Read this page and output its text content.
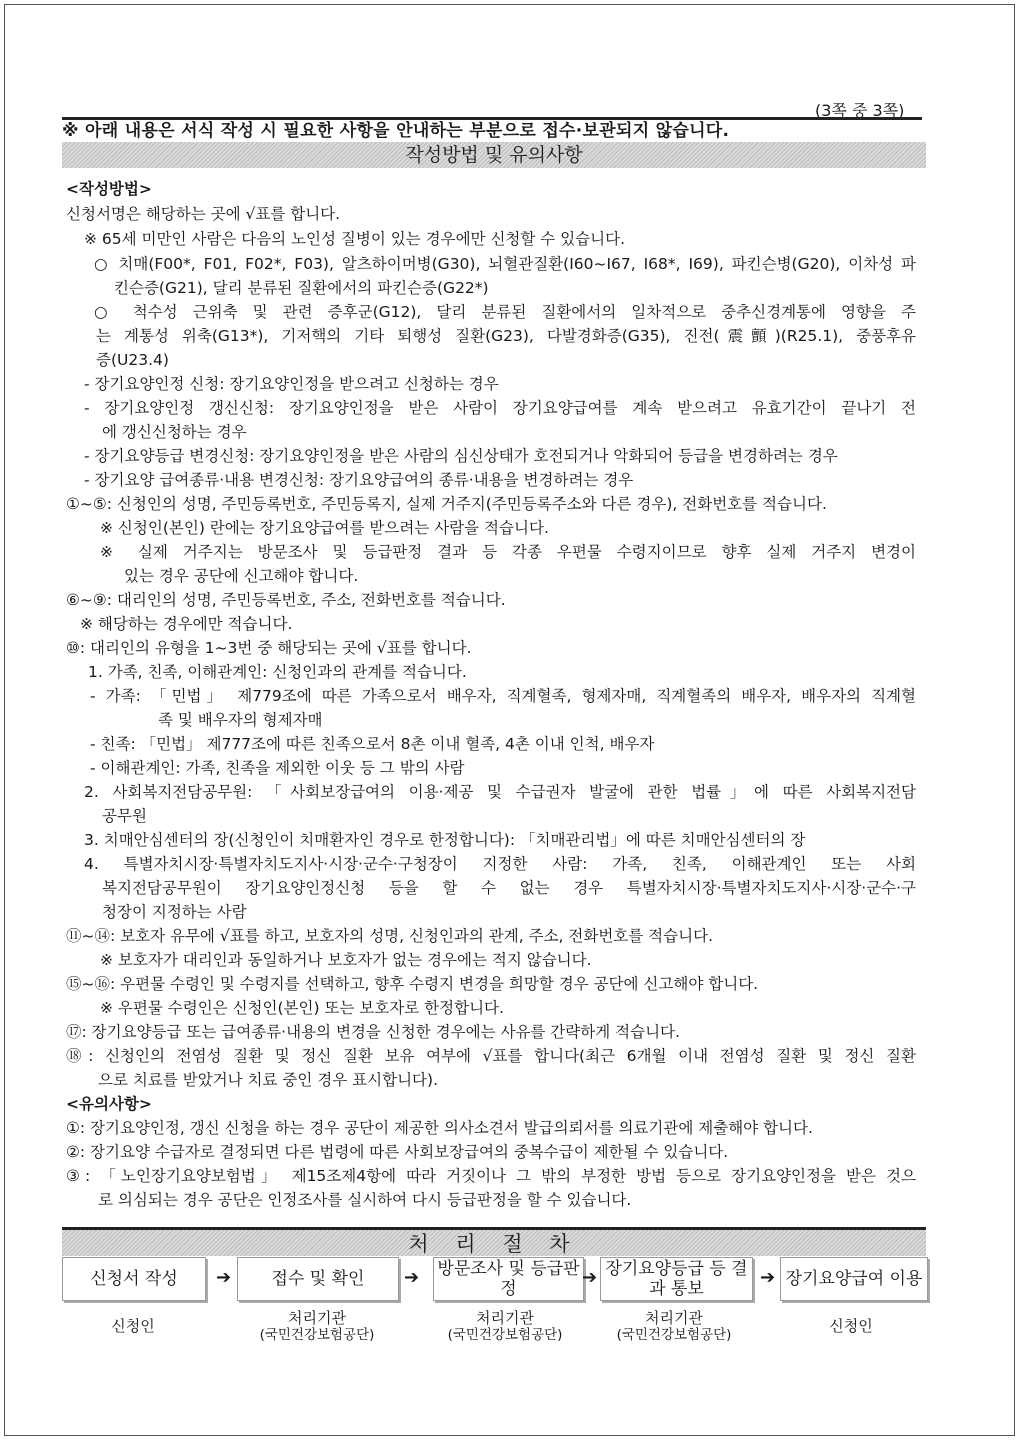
(3쪽 중 3쪽)
※ 아래 내용은 서식 작성 시 필요한 사항을 안내하는 부분으로 접수·보관되지 않습니다.
작성방법 및 유의사항
<작성방법>
신청서명은 해당하는 곳에 √표를 합니다.
※ 65세 미만인 사람은 다음의 노인성 질병이 있는 경우에만 신청할 수 있습니다.
○ 치매(F00*, F01, F02*, F03), 알츠하이머병(G30), 뇌혈관질환(I60~I67, I68*, I69), 파킨슨병(G20), 이차성 파
킨슨증(G21), 달리 분류된 질환에서의 파킨슨증(G22*)
○ 척수성 근위축 및 관련 증후군(G12), 달리 분류된 질환에서의 일차적으로 중추신경계통에 영향을 주
는 계통성 위축(G13*), 기저핵의 기타 퇴행성 질환(G23), 다발경화증(G35), 진전(震顫)(R25.1), 중풍후유
증(U23.4)
- 장기요양인정 신청: 장기요양인정을 받으려고 신청하는 경우
- 장기요양인정 갱신신청: 장기요양인정을 받은 사람이 장기요양급여를 계속 받으려고 유효기간이 끝나기 전
에 갱신신청하는 경우
- 장기요양등급 변경신청: 장기요양인정을 받은 사람의 심신상태가 호전되거나 악화되어 등급을 변경하려는 경우
- 장기요양 급여종류·내용 변경신청: 장기요양급여의 종류·내용을 변경하려는 경우
①~⑤: 신청인의 성명, 주민등록번호, 주민등록지, 실제 거주지(주민등록주소와 다른 경우), 전화번호를 적습니다.
※ 신청인(본인) 란에는 장기요양급여를 받으려는 사람을 적습니다.
※ 실제 거주지는 방문조사 및 등급판정 결과 등 각종 우편물 수령지이므로 향후 실제 거주지 변경이
있는 경우 공단에 신고해야 합니다.
⑥~⑨: 대리인의 성명, 주민등록번호, 주소, 전화번호를 적습니다.
※ 해당하는 경우에만 적습니다.
⑩: 대리인의 유형을 1~3번 중 해당되는 곳에 √표를 합니다.
1. 가족, 친족, 이해관계인: 신청인과의 관계를 적습니다.
- 가족: 「민법」 제779조에 따른 가족으로서 배우자, 직계혈족, 형제자매, 직계혈족의 배우자, 배우자의 직계혈
족 및 배우자의 형제자매
- 친족: 「민법」 제777조에 따른 친족으로서 8촌 이내 혈족, 4촌 이내 인척, 배우자
- 이해관계인: 가족, 친족을 제외한 이웃 등 그 밖의 사람
2. 사회복지전담공무원: 「사회보장급여의 이용·제공 및 수급권자 발굴에 관한 법률」에 따른 사회복지전담
공무원
3. 치매안심센터의 장(신청인이 치매환자인 경우로 한정합니다): 「치매관리법」에 따른 치매안심센터의 장
4. 특별자치시장·특별자치도지사·시장·군수·구청장이 지정한 사람: 가족, 친족, 이해관계인 또는 사회
복지전담공무원이 장기요양인정신청 등을 할 수 없는 경우 특별자치시장·특별자치도지사·시장·군수·구
청장이 지정하는 사람
⑪~⑭: 보호자 유무에 √표를 하고, 보호자의 성명, 신청인과의 관계, 주소, 전화번호를 적습니다.
※ 보호자가 대리인과 동일하거나 보호자가 없는 경우에는 적지 않습니다.
⑮~⑯: 우편물 수령인 및 수령지를 선택하고, 향후 수령지 변경을 희망할 경우 공단에 신고해야 합니다.
※ 우편물 수령인은 신청인(본인) 또는 보호자로 한정합니다.
⑰: 장기요양등급 또는 급여종류·내용의 변경을 신청한 경우에는 사유를 간략하게 적습니다.
⑱: 신청인의 전염성 질환 및 정신 질환 보유 여부에 √표를 합니다(최근 6개월 이내 전염성 질환 및 정신 질환
으로 치료를 받았거나 치료 중인 경우 표시합니다).
<유의사항>
①: 장기요양인정, 갱신 신청을 하는 경우 공단이 제공한 의사소견서 발급의뢰서를 의료기관에 제출해야 합니다.
②: 장기요양 수급자로 결정되면 다른 법령에 따른 사회보장급여의 중복수급이 제한될 수 있습니다.
③: 「노인장기요양보험법」 제15조제4항에 따라 거짓이나 그 밖의 부정한 방법 등으로 장기요양인정을 받은 것으
로 의심되는 경우 공단은 인정조사를 실시하여 다시 등급판정을 할 수 있습니다.
처 리 절 차
신청서 작성	➔	접수 및 확인	➔ 방문조사 및 등급판정
➔ 장기요양등급 등 결과 통보
➔ 장기요양급여 이용
신청인	처리기관
(국민건강보험공단)
처리기관
(국민건강보험공단)
처리기관
(국민건강보험공단)	신청인
